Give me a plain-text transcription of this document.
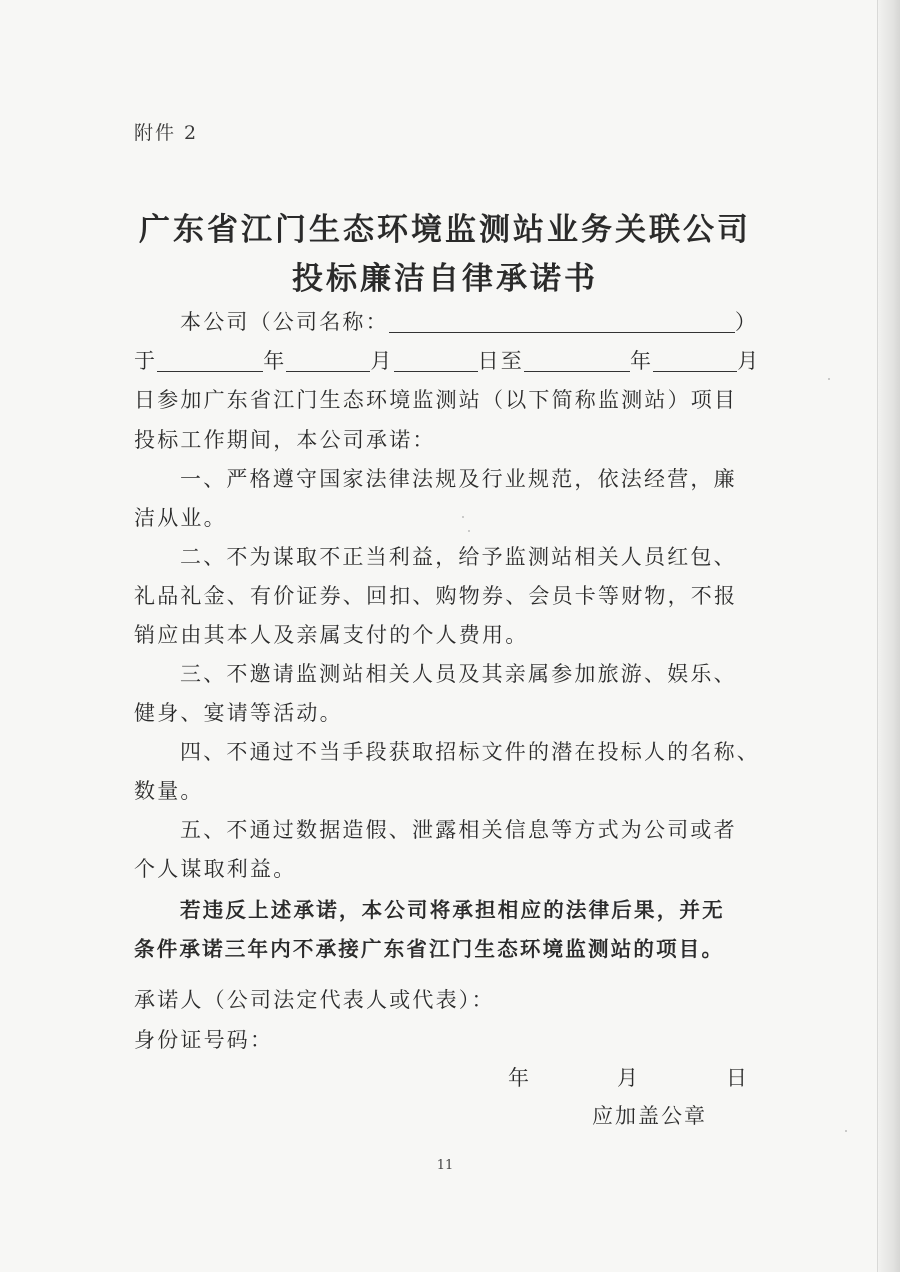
附件 2
广东省江门生态环境监测站业务关联公司
投标廉洁自律承诺书
本公司（公司名称：	）
于	年	月	日至	年	月
日参加广东省江门生态环境监测站（以下简称监测站）项目
投标工作期间，本公司承诺：
一、严格遵守国家法律法规及行业规范，依法经营，廉
洁从业。
二、不为谋取不正当利益，给予监测站相关人员红包、
礼品礼金、有价证券、回扣、购物券、会员卡等财物，不报
销应由其本人及亲属支付的个人费用。
三、不邀请监测站相关人员及其亲属参加旅游、娱乐、
健身、宴请等活动。
四、不通过不当手段获取招标文件的潜在投标人的名称、
数量。
五、不通过数据造假、泄露相关信息等方式为公司或者
个人谋取利益。
若违反上述承诺，本公司将承担相应的法律后果，并无
条件承诺三年内不承接广东省江门生态环境监测站的项目。
承诺人（公司法定代表人或代表）：
身份证号码：
年	月	日
应加盖公章
11
